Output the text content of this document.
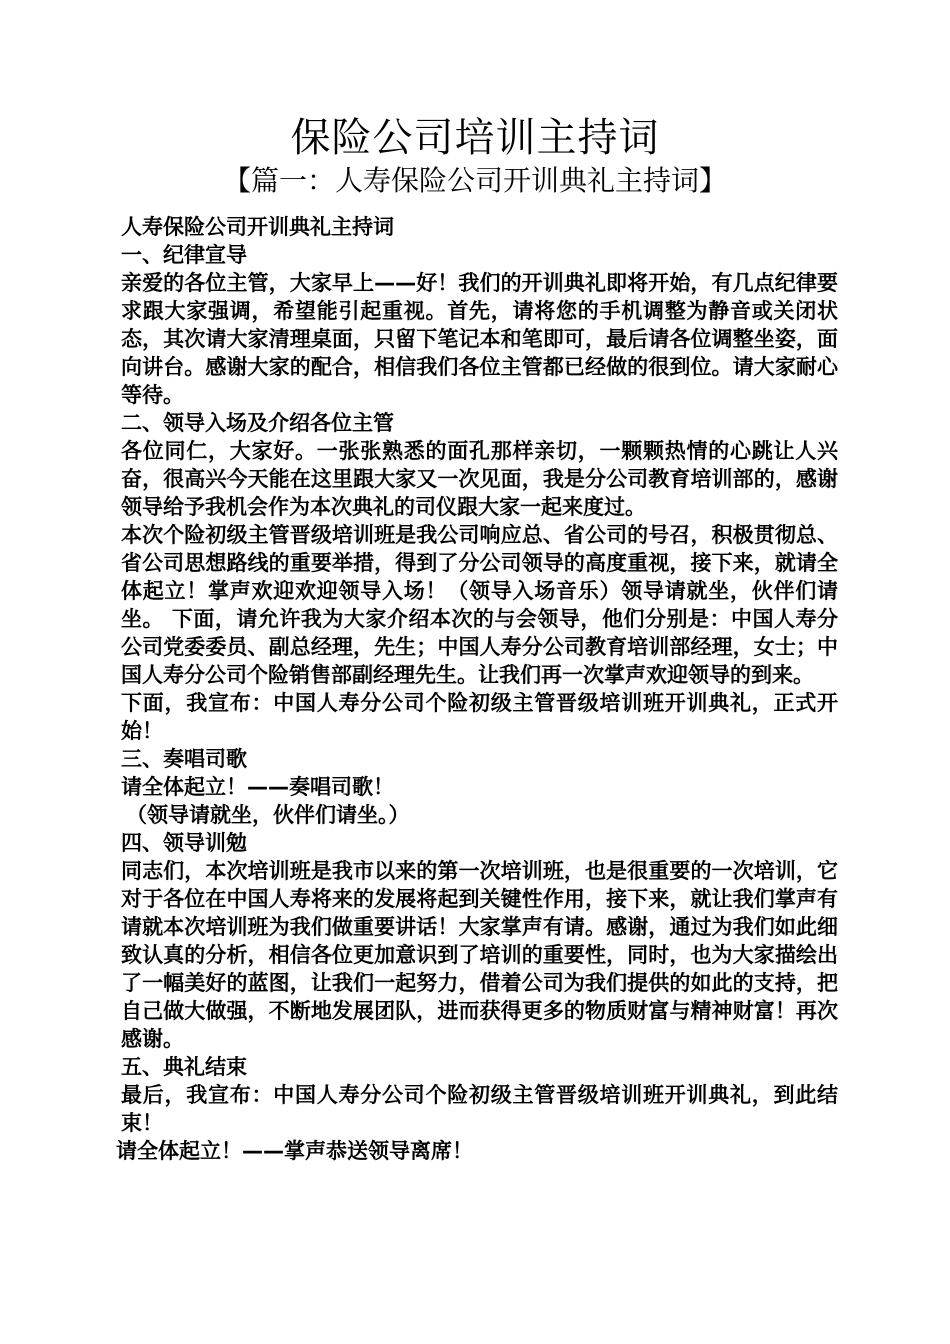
保险公司培训主持词
【篇一：人寿保险公司开训典礼主持词】

人寿保险公司开训典礼主持词

一、纪律宣导

亲爱的各位主管，大家早上——好！我们的开训典礼即将开始，有几点纪律要求跟大家强调，希望能引起重视。首先，请将您的手机调整为静音或关闭状态，其次请大家清理桌面，只留下笔记本和笔即可，最后请各位调整坐姿，面向讲台。感谢大家的配合，相信我们各位主管都已经做的很到位。请大家耐心等待。

二、领导入场及介绍各位主管

各位同仁，大家好。一张张熟悉的面孔那样亲切，一颗颗热情的心跳让人兴奋，很高兴今天能在这里跟大家又一次见面，我是分公司教育培训部的，感谢领导给予我机会作为本次典礼的司仪跟大家一起来度过。

本次个险初级主管晋级培训班是我公司响应总、省公司的号召，积极贯彻总、省公司思想路线的重要举措，得到了分公司领导的高度重视，接下来，就请全体起立！掌声欢迎欢迎领导入场！（领导入场音乐）领导请就坐，伙伴们请坐。 下面，请允许我为大家介绍本次的与会领导，他们分别是：中国人寿分公司党委委员、副总经理，先生；中国人寿分公司教育培训部经理，女士；中国人寿分公司个险销售部副经理先生。让我们再一次掌声欢迎领导的到来。

下面，我宣布：中国人寿分公司个险初级主管晋级培训班开训典礼，正式开始！

三、奏唱司歌

请全体起立！——奏唱司歌！

（领导请就坐，伙伴们请坐。）

四、领导训勉

同志们，本次培训班是我市以来的第一次培训班，也是很重要的一次培训，它对于各位在中国人寿将来的发展将起到关键性作用，接下来，就让我们掌声有请就本次培训班为我们做重要讲话！大家掌声有请。感谢，通过为我们如此细致认真的分析，相信各位更加意识到了培训的重要性，同时，也为大家描绘出了一幅美好的蓝图，让我们一起努力，借着公司为我们提供的如此的支持，把自己做大做强，不断地发展团队，进而获得更多的物质财富与精神财富！再次感谢。

五、典礼结束

最后，我宣布：中国人寿分公司个险初级主管晋级培训班开训典礼，到此结束！

请全体起立！——掌声恭送领导离席！
